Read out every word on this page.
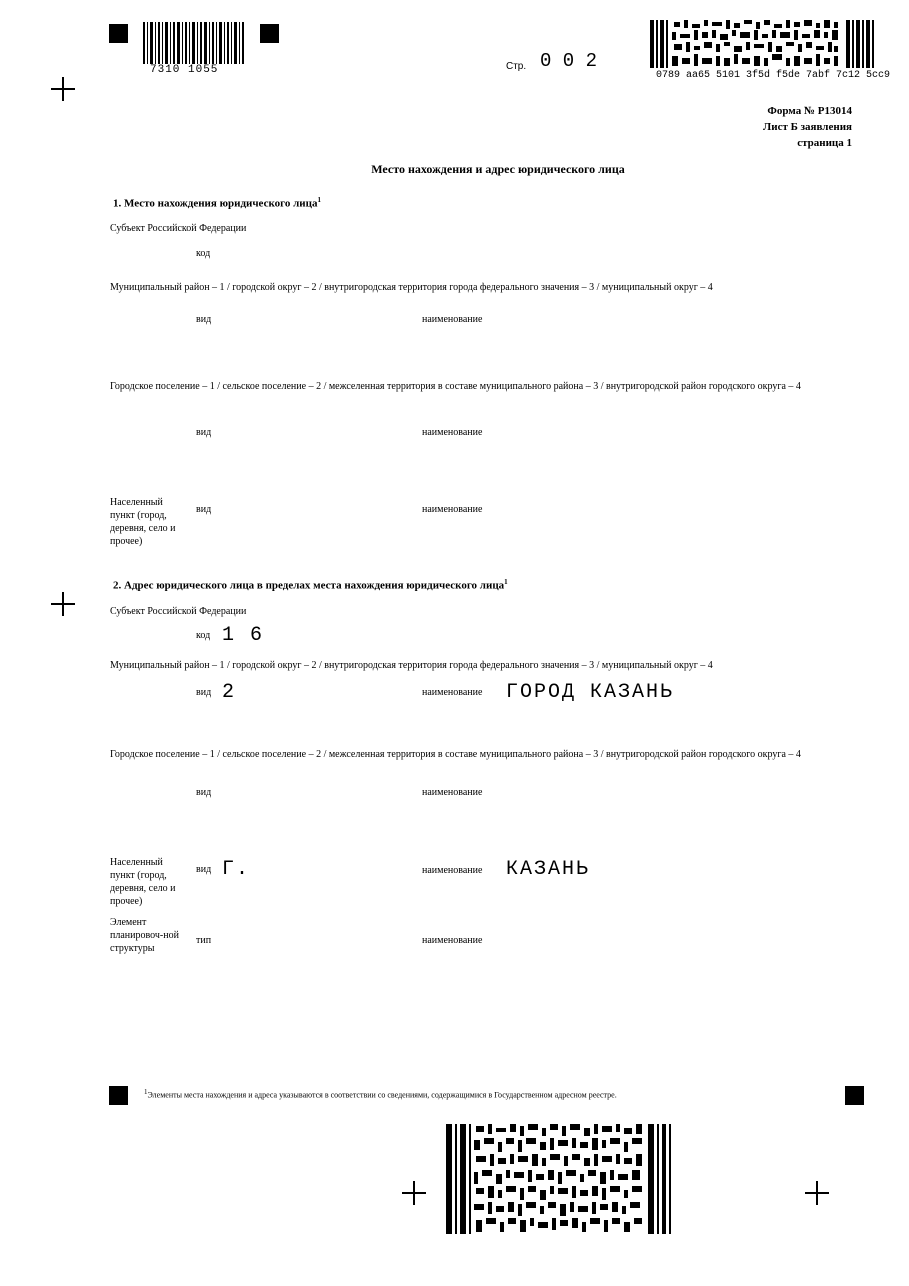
7310 1055	Стр. 0 0 2
0789 aa65 5101 3f5d f5de 7abf 7c12 5cc9
Форма № Р13014
Лист Б заявления
страница 1
Место нахождения и адрес юридического лица
1. Место нахождения юридического лица$^1$
Субъект Российской Федерации
код
Муниципальный район – 1 / городской округ – 2 / внутригородская территория города федерального значения – 3 / муниципальный округ – 4
вид	наименование
Городское поселение – 1 / сельское поселение – 2 / межселенная территория в составе муниципального района – 3 / внутригородской район городского округа – 4
вид	наименование
Населенный пункт (город, деревня, село и прочее)
вид	наименование
2. Адрес юридического лица в пределах места нахождения юридического лица$^1$
Субъект Российской Федерации
код 1 6
Муниципальный район – 1 / городской округ – 2 / внутригородская территория города федерального значения – 3 / муниципальный округ – 4
вид 2	наименование ГОРОД КАЗАНЬ
Городское поселение – 1 / сельское поселение – 2 / межселенная территория в составе муниципального района – 3 / внутригородской район городского округа – 4
вид	наименование
Населенный пункт (город, деревня, село и прочее)
вид Г.	наименование КАЗАНЬ
Элемент планировоч-ной структуры
тип	наименование
$^1$Элементы места нахождения и адреса указываются в соответствии со сведениями, содержащимися в Государственном адресном реестре.
